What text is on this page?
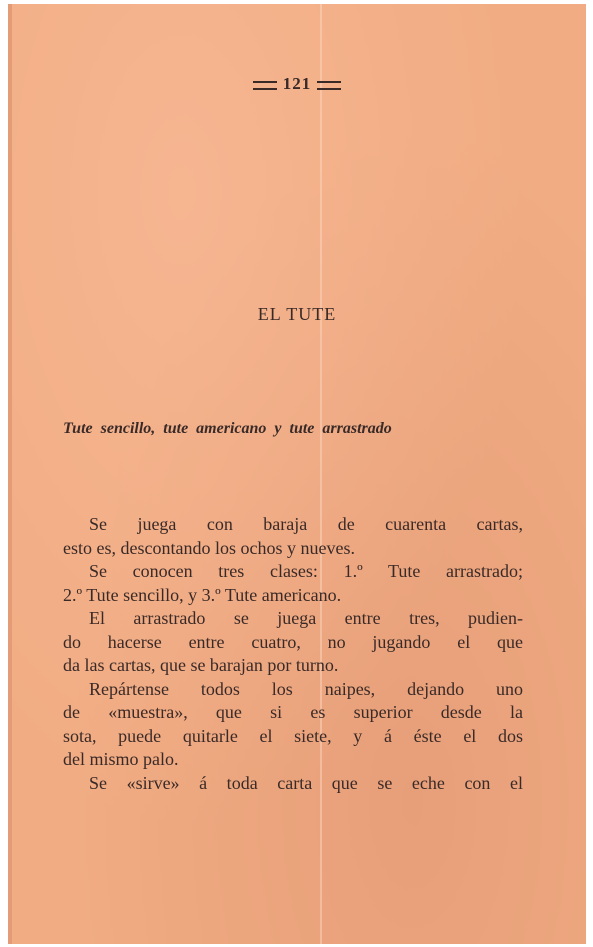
121
EL TUTE
Tute sencillo, tute americano y tute arrastrado
Se juega con baraja de cuarenta cartas,
esto es, descontando los ochos y nueves.
Se conocen tres clases: 1.º Tute arrastrado;
2.º Tute sencillo, y 3.º Tute americano.
El arrastrado se juega entre tres, pudien-
do hacerse entre cuatro, no jugando el que
da las cartas, que se barajan por turno.
Repártense todos los naipes, dejando uno
de «muestra», que si es superior desde la
sota, puede quitarle el siete, y á éste el dos
del mismo palo.
Se «sirve» á toda carta que se eche con el
